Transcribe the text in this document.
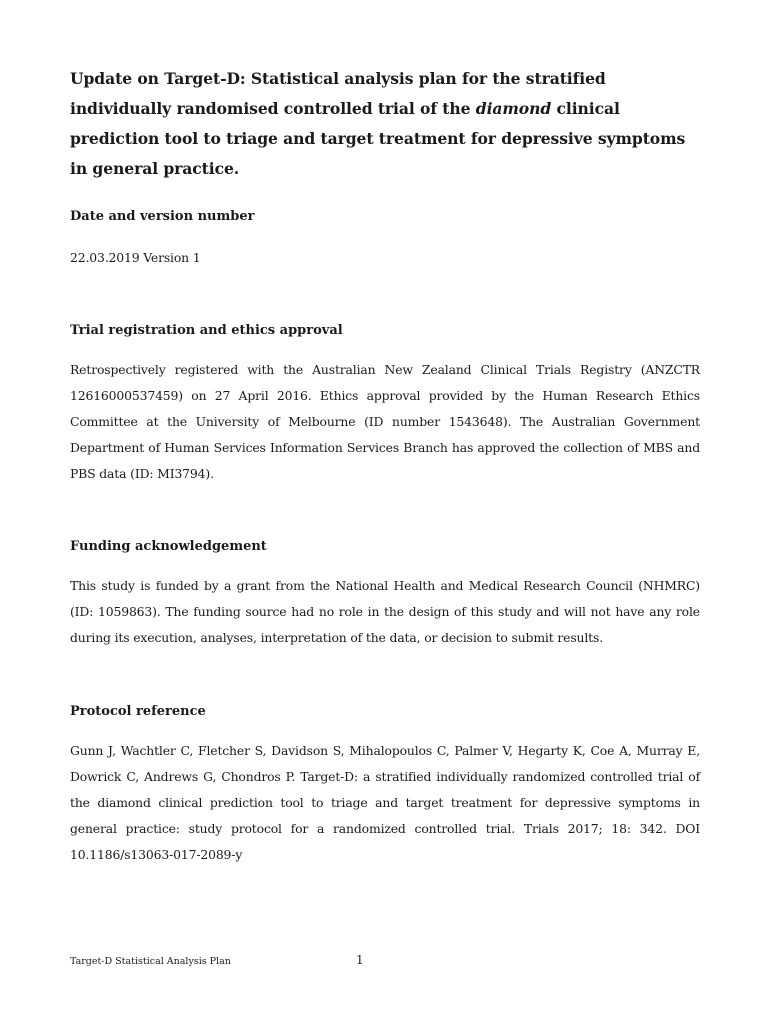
Update on Target-D: Statistical analysis plan for the stratified individually randomised controlled trial of the diamond clinical prediction tool to triage and target treatment for depressive symptoms in general practice.
Date and version number

22.03.2019 Version 1

Trial registration and ethics approval

Retrospectively registered with the Australian New Zealand Clinical Trials Registry (ANZCTR 12616000537459) on 27 April 2016. Ethics approval provided by the Human Research Ethics Committee at the University of Melbourne (ID number 1543648). The Australian Government Department of Human Services Information Services Branch has approved the collection of MBS and PBS data (ID: MI3794).

Funding acknowledgement

This study is funded by a grant from the National Health and Medical Research Council (NHMRC) (ID: 1059863). The funding source had no role in the design of this study and will not have any role during its execution, analyses, interpretation of the data, or decision to submit results.

Protocol reference

Gunn J, Wachtler C, Fletcher S, Davidson S, Mihalopoulos C, Palmer V, Hegarty K, Coe A, Murray E, Dowrick C, Andrews G, Chondros P. Target-D: a stratified individually randomized controlled trial of the diamond clinical prediction tool to triage and target treatment for depressive symptoms in general practice: study protocol for a randomized controlled trial. Trials 2017; 18: 342. DOI 10.1186/s13063-017-2089-y

Target-D Statistical Analysis Plan	1
